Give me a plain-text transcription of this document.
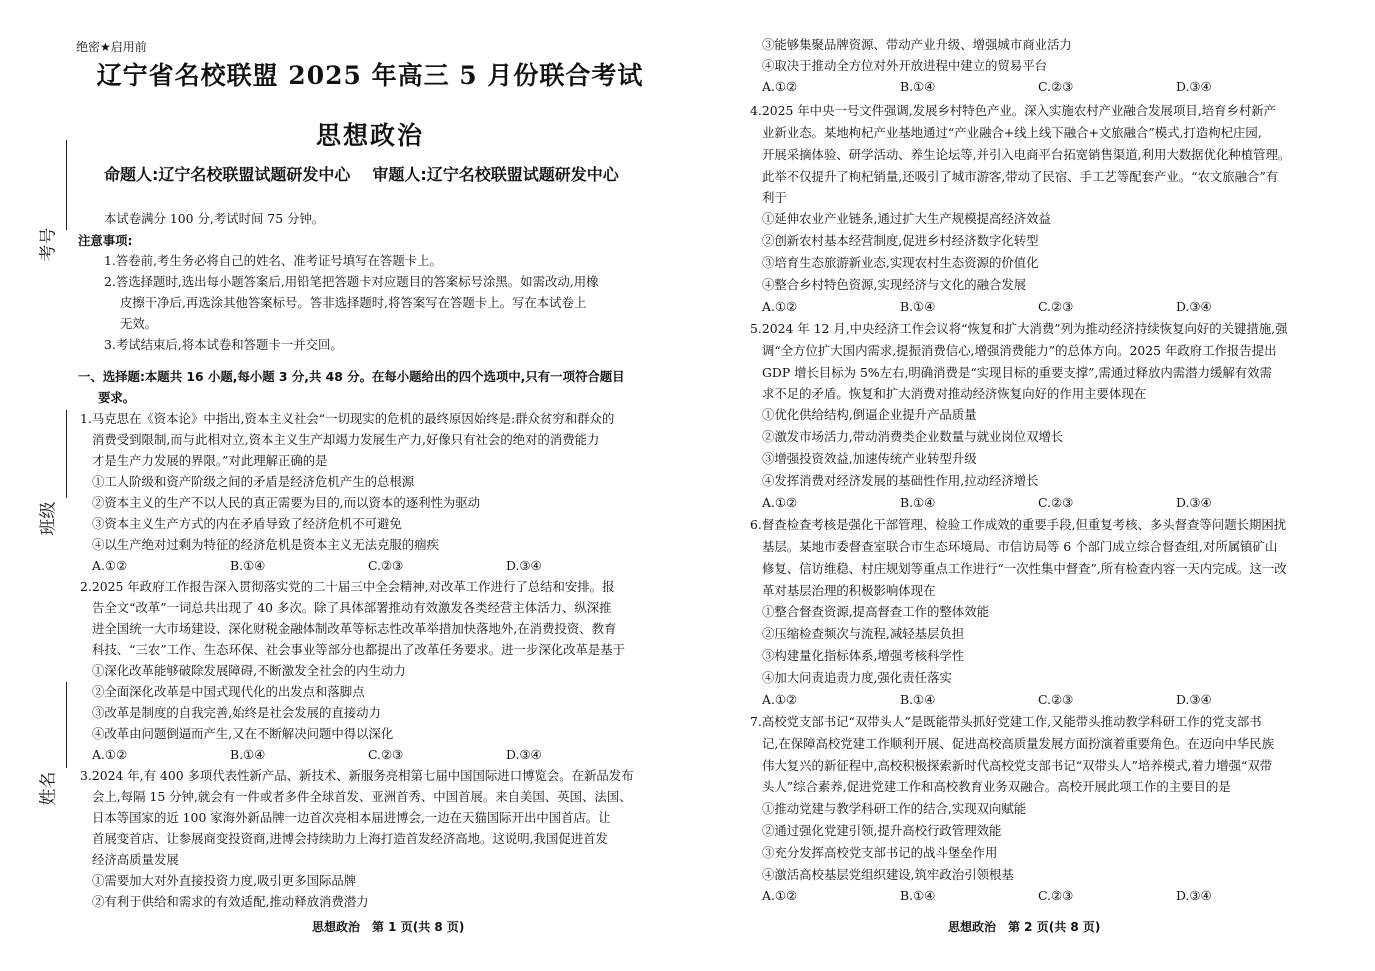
绝密★启用前
辽宁省名校联盟 2025 年高三 5 月份联合考试
思想政治
命题人:辽宁名校联盟试题研发中心 审题人:辽宁名校联盟试题研发中心
考号
班级
姓名
本试卷满分 100 分,考试时间 75 分钟。
注意事项:
1.答卷前,考生务必将自己的姓名、准考证号填写在答题卡上。
2.答选择题时,选出每小题答案后,用铅笔把答题卡对应题目的答案标号涂黑。如需改动,用橡
皮擦干净后,再选涂其他答案标号。答非选择题时,将答案写在答题卡上。写在本试卷上
无效。
3.考试结束后,将本试卷和答题卡一并交回。
一、选择题:本题共 16 小题,每小题 3 分,共 48 分。在每小题给出的四个选项中,只有一项符合题目
要求。
1.马克思在《资本论》中指出,资本主义社会“一切现实的危机的最终原因始终是:群众贫穷和群众的
消费受到限制,而与此相对立,资本主义生产却竭力发展生产力,好像只有社会的绝对的消费能力
才是生产力发展的界限。”对此理解正确的是
①工人阶级和资产阶级之间的矛盾是经济危机产生的总根源
②资本主义的生产不以人民的真正需要为目的,而以资本的逐利性为驱动
③资本主义生产方式的内在矛盾导致了经济危机不可避免
④以生产绝对过剩为特征的经济危机是资本主义无法克服的痼疾
A.①②	B.①④	C.②③	D.③④
2.2025 年政府工作报告深入贯彻落实党的二十届三中全会精神,对改革工作进行了总结和安排。报
告全文“改革”一词总共出现了 40 多次。除了具体部署推动有效激发各类经营主体活力、纵深推
进全国统一大市场建设、深化财税金融体制改革等标志性改革举措加快落地外,在消费投资、教育
科技、“三农”工作、生态环保、社会事业等部分也都提出了改革任务要求。进一步深化改革是基于
①深化改革能够破除发展障碍,不断激发全社会的内生动力
②全面深化改革是中国式现代化的出发点和落脚点
③改革是制度的自我完善,始终是社会发展的直接动力
④改革由问题倒逼而产生,又在不断解决问题中得以深化
A.①②	B.①④	C.②③	D.③④
3.2024 年,有 400 多项代表性新产品、新技术、新服务亮相第七届中国国际进口博览会。在新品发布
会上,每隔 15 分钟,就会有一件或者多件全球首发、亚洲首秀、中国首展。来自美国、英国、法国、
日本等国家的近 100 家海外新品牌一边首次亮相本届进博会,一边在天猫国际开出中国首店。让
首展变首店、让参展商变投资商,进博会持续助力上海打造首发经济高地。这说明,我国促进首发
经济高质量发展
①需要加大对外直接投资力度,吸引更多国际品牌
②有利于供给和需求的有效适配,推动释放消费潜力
思想政治　第 1 页(共 8 页)
③能够集聚品牌资源、带动产业升级、增强城市商业活力
④取决于推动全方位对外开放进程中建立的贸易平台
A.①②	B.①④	C.②③	D.③④
4.2025 年中央一号文件强调,发展乡村特色产业。深入实施农村产业融合发展项目,培育乡村新产
业新业态。某地枸杞产业基地通过“产业融合+线上线下融合+文旅融合”模式,打造枸杞庄园,
开展采摘体验、研学活动、养生论坛等,并引入电商平台拓宽销售渠道,利用大数据优化种植管理。
此举不仅提升了枸杞销量,还吸引了城市游客,带动了民宿、手工艺等配套产业。“农文旅融合”有
利于
①延伸农业产业链条,通过扩大生产规模提高经济效益
②创新农村基本经营制度,促进乡村经济数字化转型
③培育生态旅游新业态,实现农村生态资源的价值化
④整合乡村特色资源,实现经济与文化的融合发展
A.①②	B.①④	C.②③	D.③④
5.2024 年 12 月,中央经济工作会议将“恢复和扩大消费”列为推动经济持续恢复向好的关键措施,强
调“全方位扩大国内需求,提振消费信心,增强消费能力”的总体方向。2025 年政府工作报告提出
GDP 增长目标为 5%左右,明确消费是“实现目标的重要支撑”,需通过释放内需潜力缓解有效需
求不足的矛盾。恢复和扩大消费对推动经济恢复向好的作用主要体现在
①优化供给结构,倒逼企业提升产品质量
②激发市场活力,带动消费类企业数量与就业岗位双增长
③增强投资效益,加速传统产业转型升级
④发挥消费对经济发展的基础性作用,拉动经济增长
A.①②	B.①④	C.②③	D.③④
6.督查检查考核是强化干部管理、检验工作成效的重要手段,但重复考核、多头督查等问题长期困扰
基层。某地市委督查室联合市生态环境局、市信访局等 6 个部门成立综合督查组,对所属镇矿山
修复、信访维稳、村庄规划等重点工作进行“一次性集中督查”,所有检查内容一天内完成。这一改
革对基层治理的积极影响体现在
①整合督查资源,提高督查工作的整体效能
②压缩检查频次与流程,减轻基层负担
③构建量化指标体系,增强考核科学性
④加大问责追责力度,强化责任落实
A.①②	B.①④	C.②③	D.③④
7.高校党支部书记“双带头人”是既能带头抓好党建工作,又能带头推动教学科研工作的党支部书
记,在保障高校党建工作顺利开展、促进高校高质量发展方面扮演着重要角色。在迈向中华民族
伟大复兴的新征程中,高校积极探索新时代高校党支部书记“双带头人”培养模式,着力增强“双带
头人”综合素养,促进党建工作和高校教育业务双融合。高校开展此项工作的主要目的是
①推动党建与教学科研工作的结合,实现双向赋能
②通过强化党建引领,提升高校行政管理效能
③充分发挥高校党支部书记的战斗堡垒作用
④激活高校基层党组织建设,筑牢政治引领根基
A.①②	B.①④	C.②③	D.③④
思想政治　第 2 页(共 8 页)
